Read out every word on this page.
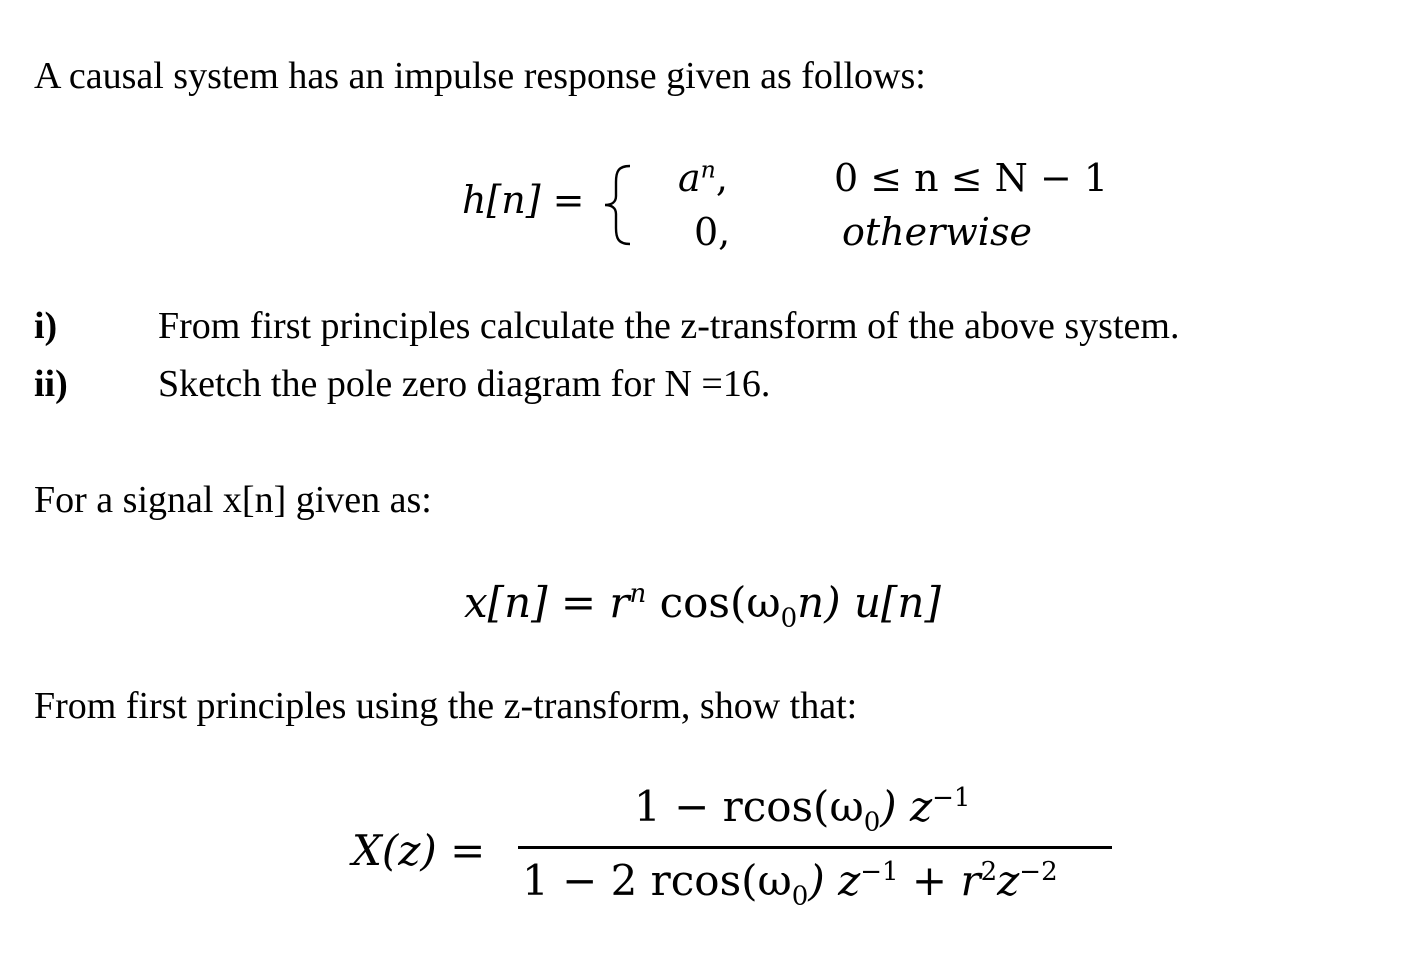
A causal system has an impulse response given as follows:
$h[n] = a^n$,	0 ≤ n ≤ N − 1
0,	otherwise
i)	From first principles calculate the z-transform of the above system.
ii) Sketch the pole zero diagram for N =16.
For a signal x[n] given as:
$x[n] = r^n$ $\cos(\omega_0n)$ u[n]
From first principles using the z-transform, show that:
X(z) =
$1 - rcos(\omega_0)$ $z^{-1}$
1 − 2 $rcos(\omega_0) z^{-1} + r^2z^{-2}$
